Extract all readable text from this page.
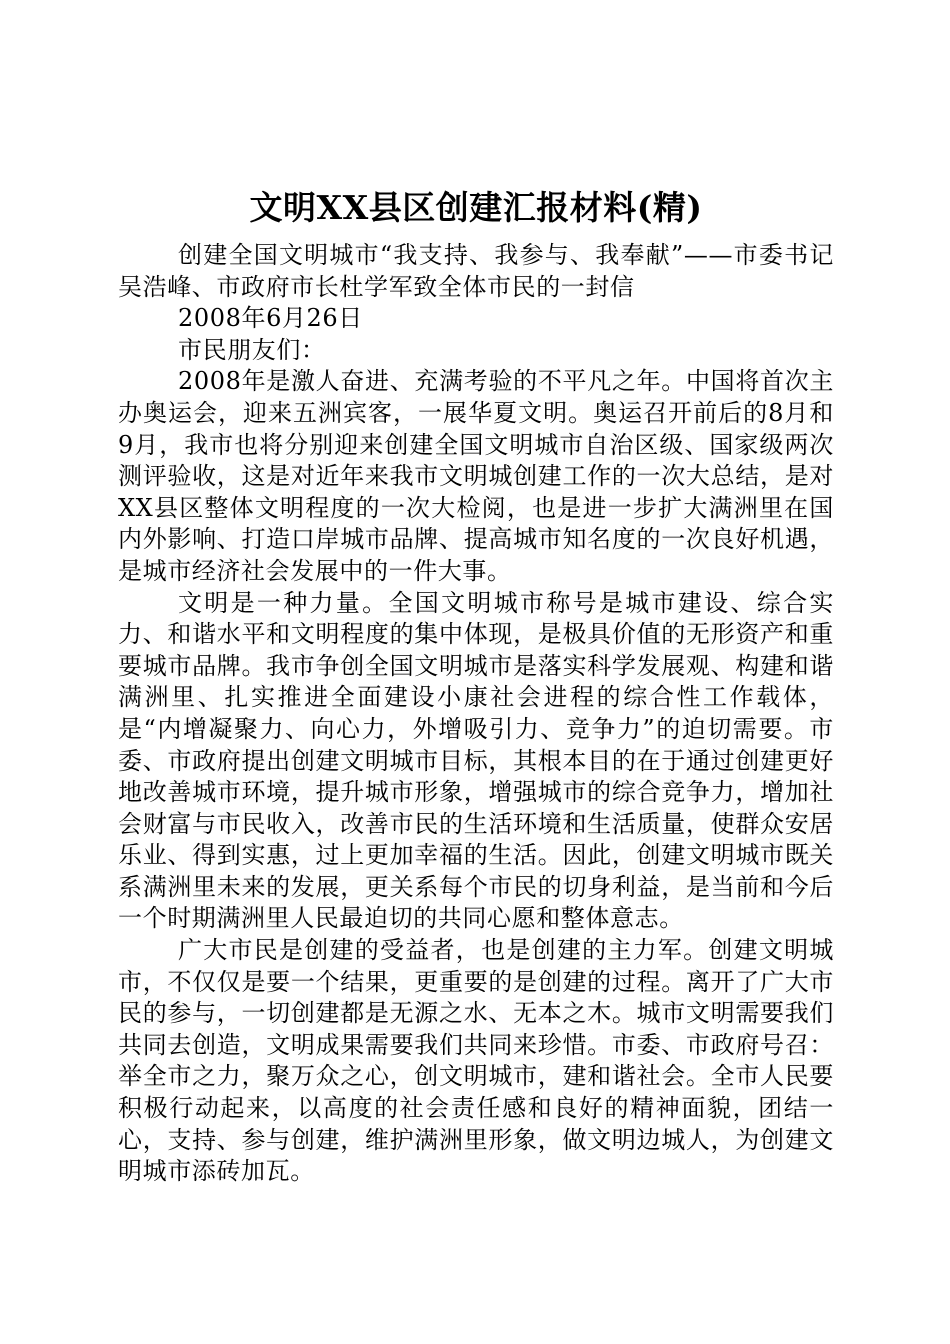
文明XX县区创建汇报材料(精)

创建全国文明城市“我支持、我参与、我奉献”——市委书记吴浩峰、市政府市长杜学军致全体市民的一封信

2008年6月26日

市民朋友们：

2008年是激人奋进、充满考验的不平凡之年。中国将首次主办奥运会，迎来五洲宾客，一展华夏文明。奥运召开前后的8月和9月，我市也将分别迎来创建全国文明城市自治区级、国家级两次测评验收，这是对近年来我市文明城创建工作的一次大总结，是对XX县区整体文明程度的一次大检阅，也是进一步扩大满洲里在国内外影响、打造口岸城市品牌、提高城市知名度的一次良好机遇，是城市经济社会发展中的一件大事。

文明是一种力量。全国文明城市称号是城市建设、综合实力、和谐水平和文明程度的集中体现，是极具价值的无形资产和重要城市品牌。我市争创全国文明城市是落实科学发展观、构建和谐满洲里、扎实推进全面建设小康社会进程的综合性工作载体，是“内增凝聚力、向心力，外增吸引力、竞争力”的迫切需要。市委、市政府提出创建文明城市目标，其根本目的在于通过创建更好地改善城市环境，提升城市形象，增强城市的综合竞争力，增加社会财富与市民收入，改善市民的生活环境和生活质量，使群众安居乐业、得到实惠，过上更加幸福的生活。因此，创建文明城市既关系满洲里未来的发展，更关系每个市民的切身利益，是当前和今后一个时期满洲里人民最迫切的共同心愿和整体意志。

广大市民是创建的受益者，也是创建的主力军。创建文明城市，不仅仅是要一个结果，更重要的是创建的过程。离开了广大市民的参与，一切创建都是无源之水、无本之木。城市文明需要我们共同去创造，文明成果需要我们共同来珍惜。市委、市政府号召：举全市之力，聚万众之心，创文明城市，建和谐社会。全市人民要积极行动起来，以高度的社会责任感和良好的精神面貌，团结一心，支持、参与创建，维护满洲里形象，做文明边城人，为创建文明城市添砖加瓦。
